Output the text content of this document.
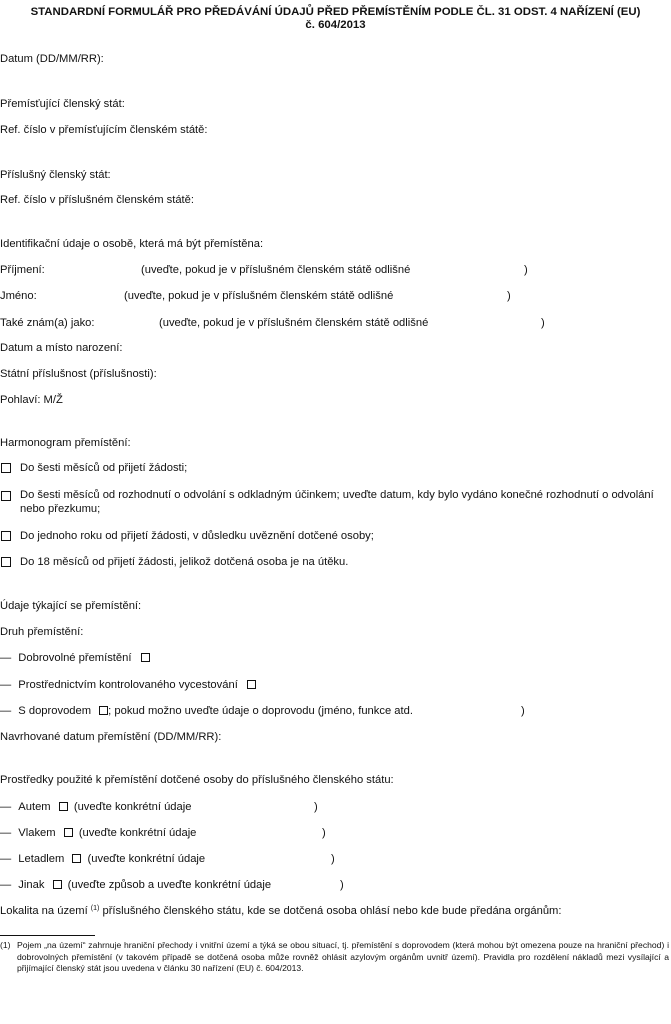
STANDARDNÍ FORMULÁŘ PRO PŘEDÁVÁNÍ ÚDAJŮ PŘED PŘEMÍSTĚNÍM PODLE ČL. 31 ODST. 4 NAŘÍZENÍ (EU)
č. 604/2013
Datum (DD/MM/RR):
Přemísťující členský stát:
Ref. číslo v přemísťujícím členském státě:
Příslušný členský stát:
Ref. číslo v příslušném členském státě:
Identifikační údaje o osobě, která má být přemístěna:
Příjmení:	(uveďte, pokud je v příslušném členském státě odlišné	)
Jméno:	(uveďte, pokud je v příslušném členském státě odlišné	)
Také znám(a) jako:	(uveďte, pokud je v příslušném členském státě odlišné	)
Datum a místo narození:
Státní příslušnost (příslušnosti):
Pohlaví: M/Ž
Harmonogram přemístění:
Do šesti měsíců od přijetí žádosti;
Do šesti měsíců od rozhodnutí o odvolání s odkladným účinkem; uveďte datum, kdy bylo vydáno konečné rozhodnutí o odvolání nebo přezkumu;
Do jednoho roku od přijetí žádosti, v důsledku uvěznění dotčené osoby;
Do 18 měsíců od přijetí žádosti, jelikož dotčená osoba je na útěku.
Údaje týkající se přemístění:
Druh přemístění:
— Dobrovolné přemístění
— Prostřednictvím kontrolovaného vycestování
— S doprovodem ; pokud možno uveďte údaje o doprovodu (jméno, funkce atd.	)
Navrhované datum přemístění (DD/MM/RR):
Prostředky použité k přemístění dotčené osoby do příslušného členského státu:
— Autem (uveďte konkrétní údaje	)
— Vlakem (uveďte konkrétní údaje	)
— Letadlem (uveďte konkrétní údaje	)
— Jinak (uveďte způsob a uveďte konkrétní údaje	)
Lokalita na území $^{(1)}$ příslušného členského státu, kde se dotčená osoba ohlásí nebo kde bude předána orgánům:
(1) Pojem „na území“ zahrnuje hraniční přechody i vnitřní území a týká se obou situací, tj. přemístění s doprovodem (která mohou být omezena pouze na hraniční přechod) i dobrovolných přemístění (v takovém případě se dotčená osoba může rovněž ohlásit azylovým orgánům uvnitř území). Pravidla pro rozdělení nákladů mezi vysílající a přijímající členský stát jsou uvedena v článku 30 nařízení (EU) č. 604/2013.
